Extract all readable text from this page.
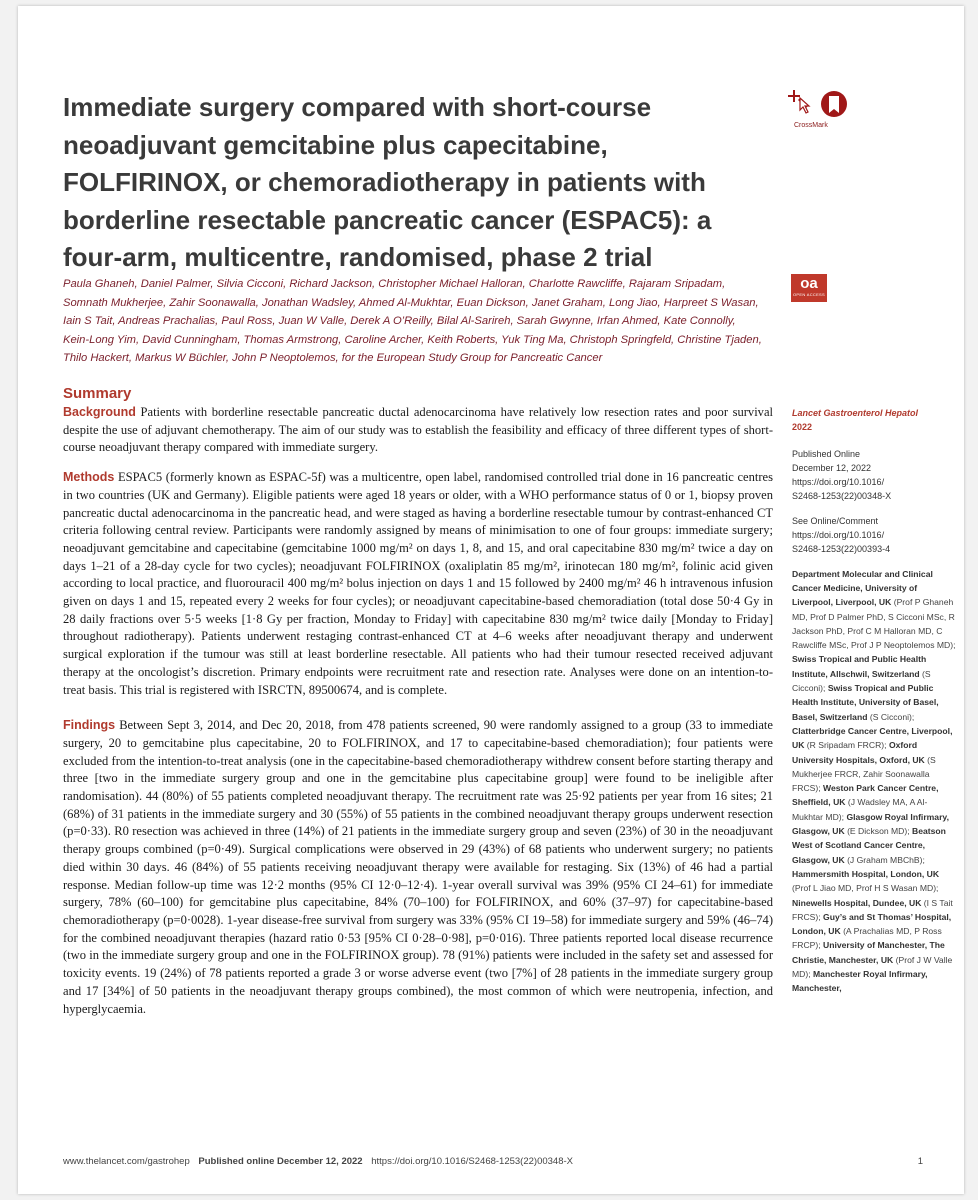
Immediate surgery compared with short-course neoadjuvant gemcitabine plus capecitabine, FOLFIRINOX, or chemoradiotherapy in patients with borderline resectable pancreatic cancer (ESPAC5): a four-arm, multicentre, randomised, phase 2 trial
CrossMark
oa
OPEN ACCESS
Paula Ghaneh, Daniel Palmer, Silvia Cicconi, Richard Jackson, Christopher Michael Halloran, Charlotte Rawcliffe, Rajaram Sripadam, Somnath Mukherjee, Zahir Soonawalla, Jonathan Wadsley, Ahmed Al-Mukhtar, Euan Dickson, Janet Graham, Long Jiao, Harpreet S Wasan, Iain S Tait, Andreas Prachalias, Paul Ross, Juan W Valle, Derek A O’Reilly, Bilal Al-Sarireh, Sarah Gwynne, Irfan Ahmed, Kate Connolly, Kein-Long Yim, David Cunningham, Thomas Armstrong, Caroline Archer, Keith Roberts, Yuk Ting Ma, Christoph Springfeld, Christine Tjaden, Thilo Hackert, Markus W Büchler, John P Neoptolemos, for the European Study Group for Pancreatic Cancer
Summary

Background Patients with borderline resectable pancreatic ductal adenocarcinoma have relatively low resection rates and poor survival despite the use of adjuvant chemotherapy. The aim of our study was to establish the feasibility and efficacy of three different types of short-course neoadjuvant therapy compared with immediate surgery.

Methods ESPAC5 (formerly known as ESPAC-5f) was a multicentre, open label, randomised controlled trial done in 16 pancreatic centres in two countries (UK and Germany). Eligible patients were aged 18 years or older, with a WHO performance status of 0 or 1, biopsy proven pancreatic ductal adenocarcinoma in the pancreatic head, and were staged as having a borderline resectable tumour by contrast-enhanced CT criteria following central review. Participants were randomly assigned by means of minimisation to one of four groups: immediate surgery; neoadjuvant gemcitabine and capecitabine (gemcitabine 1000 mg/m² on days 1, 8, and 15, and oral capecitabine 830 mg/m² twice a day on days 1–21 of a 28-day cycle for two cycles); neoadjuvant FOLFIRINOX (oxaliplatin 85 mg/m², irinotecan 180 mg/m², folinic acid given according to local practice, and fluorouracil 400 mg/m² bolus injection on days 1 and 15 followed by 2400 mg/m² 46 h intravenous infusion given on days 1 and 15, repeated every 2 weeks for four cycles); or neoadjuvant capecitabine-based chemoradiation (total dose 50·4 Gy in 28 daily fractions over 5·5 weeks [1·8 Gy per fraction, Monday to Friday] with capecitabine 830 mg/m² twice daily [Monday to Friday] throughout radiotherapy). Patients underwent restaging contrast-enhanced CT at 4–6 weeks after neoadjuvant therapy and underwent surgical exploration if the tumour was still at least borderline resectable. All patients who had their tumour resected received adjuvant therapy at the oncologist’s discretion. Primary endpoints were recruitment rate and resection rate. Analyses were done on an intention-to-treat basis. This trial is registered with ISRCTN, 89500674, and is complete.

Findings Between Sept 3, 2014, and Dec 20, 2018, from 478 patients screened, 90 were randomly assigned to a group (33 to immediate surgery, 20 to gemcitabine plus capecitabine, 20 to FOLFIRINOX, and 17 to capecitabine-based chemoradiation); four patients were excluded from the intention-to-treat analysis (one in the capecitabine-based chemoradiotherapy withdrew consent before starting therapy and three [two in the immediate surgery group and one in the gemcitabine plus capecitabine group] were found to be ineligible after randomisation). 44 (80%) of 55 patients completed neoadjuvant therapy. The recruitment rate was 25·92 patients per year from 16 sites; 21 (68%) of 31 patients in the immediate surgery and 30 (55%) of 55 patients in the combined neoadjuvant therapy groups underwent resection (p=0·33). R0 resection was achieved in three (14%) of 21 patients in the immediate surgery group and seven (23%) of 30 in the neoadjuvant therapy groups combined (p=0·49). Surgical complications were observed in 29 (43%) of 68 patients who underwent surgery; no patients died within 30 days. 46 (84%) of 55 patients receiving neoadjuvant therapy were available for restaging. Six (13%) of 46 had a partial response. Median follow-up time was 12·2 months (95% CI 12·0–12·4). 1-year overall survival was 39% (95% CI 24–61) for immediate surgery, 78% (60–100) for gemcitabine plus capecitabine, 84% (70–100) for FOLFIRINOX, and 60% (37–97) for capecitabine-based chemoradiotherapy (p=0·0028). 1-year disease-free survival from surgery was 33% (95% CI 19–58) for immediate surgery and 59% (46–74) for the combined neoadjuvant therapies (hazard ratio 0·53 [95% CI 0·28–0·98], p=0·016). Three patients reported local disease recurrence (two in the immediate surgery group and one in the FOLFIRINOX group). 78 (91%) patients were included in the safety set and assessed for toxicity events. 19 (24%) of 78 patients reported a grade 3 or worse adverse event (two [7%] of 28 patients in the immediate surgery group and 17 [34%] of 50 patients in the neoadjuvant therapy groups combined), the most common of which were neutropenia, infection, and hyperglycaemia.

Lancet Gastroenterol Hepatol
2022
Published Online
December 12, 2022
https://doi.org/10.1016/
S2468-1253(22)00348-X
See Online/Comment
https://doi.org/10.1016/
S2468-1253(22)00393-4
Department Molecular and Clinical Cancer Medicine, University of Liverpool, Liverpool, UK (Prof P Ghaneh MD, Prof D Palmer PhD, S Cicconi MSc, R Jackson PhD, Prof C M Halloran MD, C Rawcliffe MSc, Prof J P Neoptolemos MD); Swiss Tropical and Public Health Institute, Allschwil, Switzerland (S Cicconi); Swiss Tropical and Public Health Institute, University of Basel, Basel, Switzerland (S Cicconi); Clatterbridge Cancer Centre, Liverpool, UK (R Sripadam FRCR); Oxford University Hospitals, Oxford, UK (S Mukherjee FRCR, Zahir Soonawalla FRCS); Weston Park Cancer Centre, Sheffield, UK (J Wadsley MA, A Al-Mukhtar MD); Glasgow Royal Infirmary, Glasgow, UK (E Dickson MD); Beatson West of Scotland Cancer Centre, Glasgow, UK (J Graham MBChB); Hammersmith Hospital, London, UK (Prof L Jiao MD, Prof H S Wasan MD); Ninewells Hospital, Dundee, UK (I S Tait FRCS); Guy’s and St Thomas’ Hospital, London, UK (A Prachalias MD, P Ross FRCP); University of Manchester, The Christie, Manchester, UK (Prof J W Valle MD); Manchester Royal Infirmary, Manchester,
www.thelancet.com/gastrohep Published online December 12, 2022 https://doi.org/10.1016/S2468-1253(22)00348-X	1
